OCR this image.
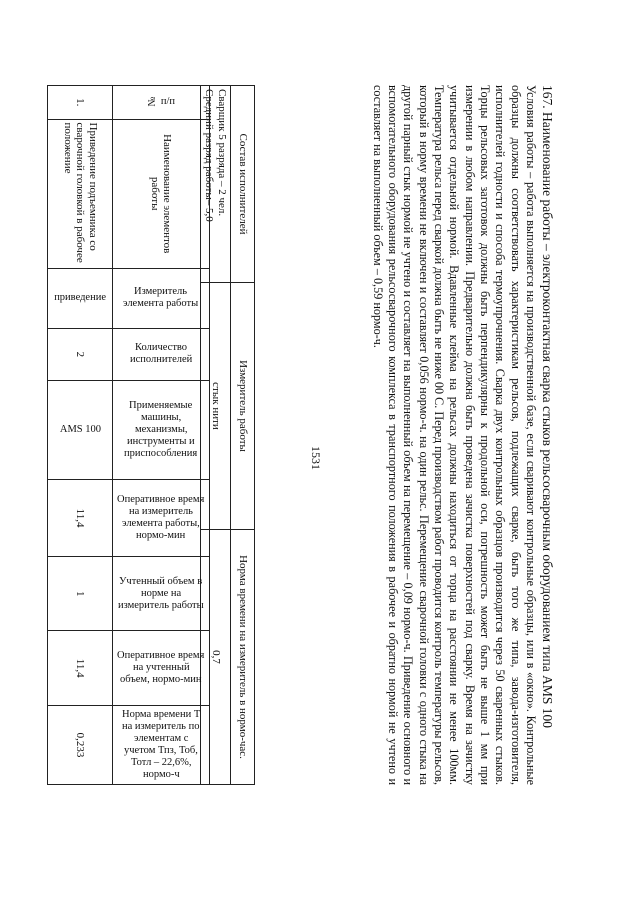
1531	167. Наименование работы – электроконтактная сварка стыков рельсосварочным оборудованием типа AMS 100
Условия работы – работа выполняется на производственной базе, если сваривают контрольные образцы, или в «окно». Контрольные образцы должны соответствовать характеристикам рельсов, подлежащих сварке, быть того же типа, завода-изготовителя, исполнителей годности и способа термоупрочнения. Сварка двух контрольных образцов производится через 50 сваренных стыков. Торцы рельсовых заготовок должны быть перпендикулярны к продольной оси, погрешность может быть не выше 1 мм при измерении в любом направлении. Предварительно должна быть проведена зачистка поверхностей под сварку. Время на зачистку учитывается отдельной нормой. Вдавленные клейма на рельсах должны находиться от торца на расстоянии не менее 100мм. Температура рельса перед сваркой должна быть не ниже 00 С. Перед производством работ проводится контроль температуры рельсов, который в норму времени не включен и составляет 0,056 нормо-ч. на один рельс. Перемещение сварочной головки с одного стыка на другой парный стык нормой не учтено и составляет на выполненный объем на перемещение – 0,09 нормо-ч. Приведение основного и вспомогательного оборудования рельсосварочного комплекса в транспортного положения в рабочее и обратно нормой не учтено и составляет на выполненный объем – 0,59 нормо-ч.
Состав исполнителей	Измеритель работы	Норма времени на измеритель в нормо-час.
Сварщик 5 разряда – 2 чел.
Средний разряд работы– 5,0	стык нити	0,7
№ п/п	Наименование элементов работы	Измеритель элемента работы	Количество исполнителей	Применяемые машины, механизмы, инструменты и приспособления	Оперативное время на измеритель элемента работы, нормо-мин	Учтенный объем в норме на измеритель работы	Оперативное время на учтенный объем, нормо-мин	Норма времени Т на измеритель по элементам с учетом Тпз, Тоб, Тотл – 22,6%, нормо-ч

1.	Приведение подъемника со сварочной головкой в рабочее положение	приведение	2	AMS 100	11,4	1	11,4	0,233
